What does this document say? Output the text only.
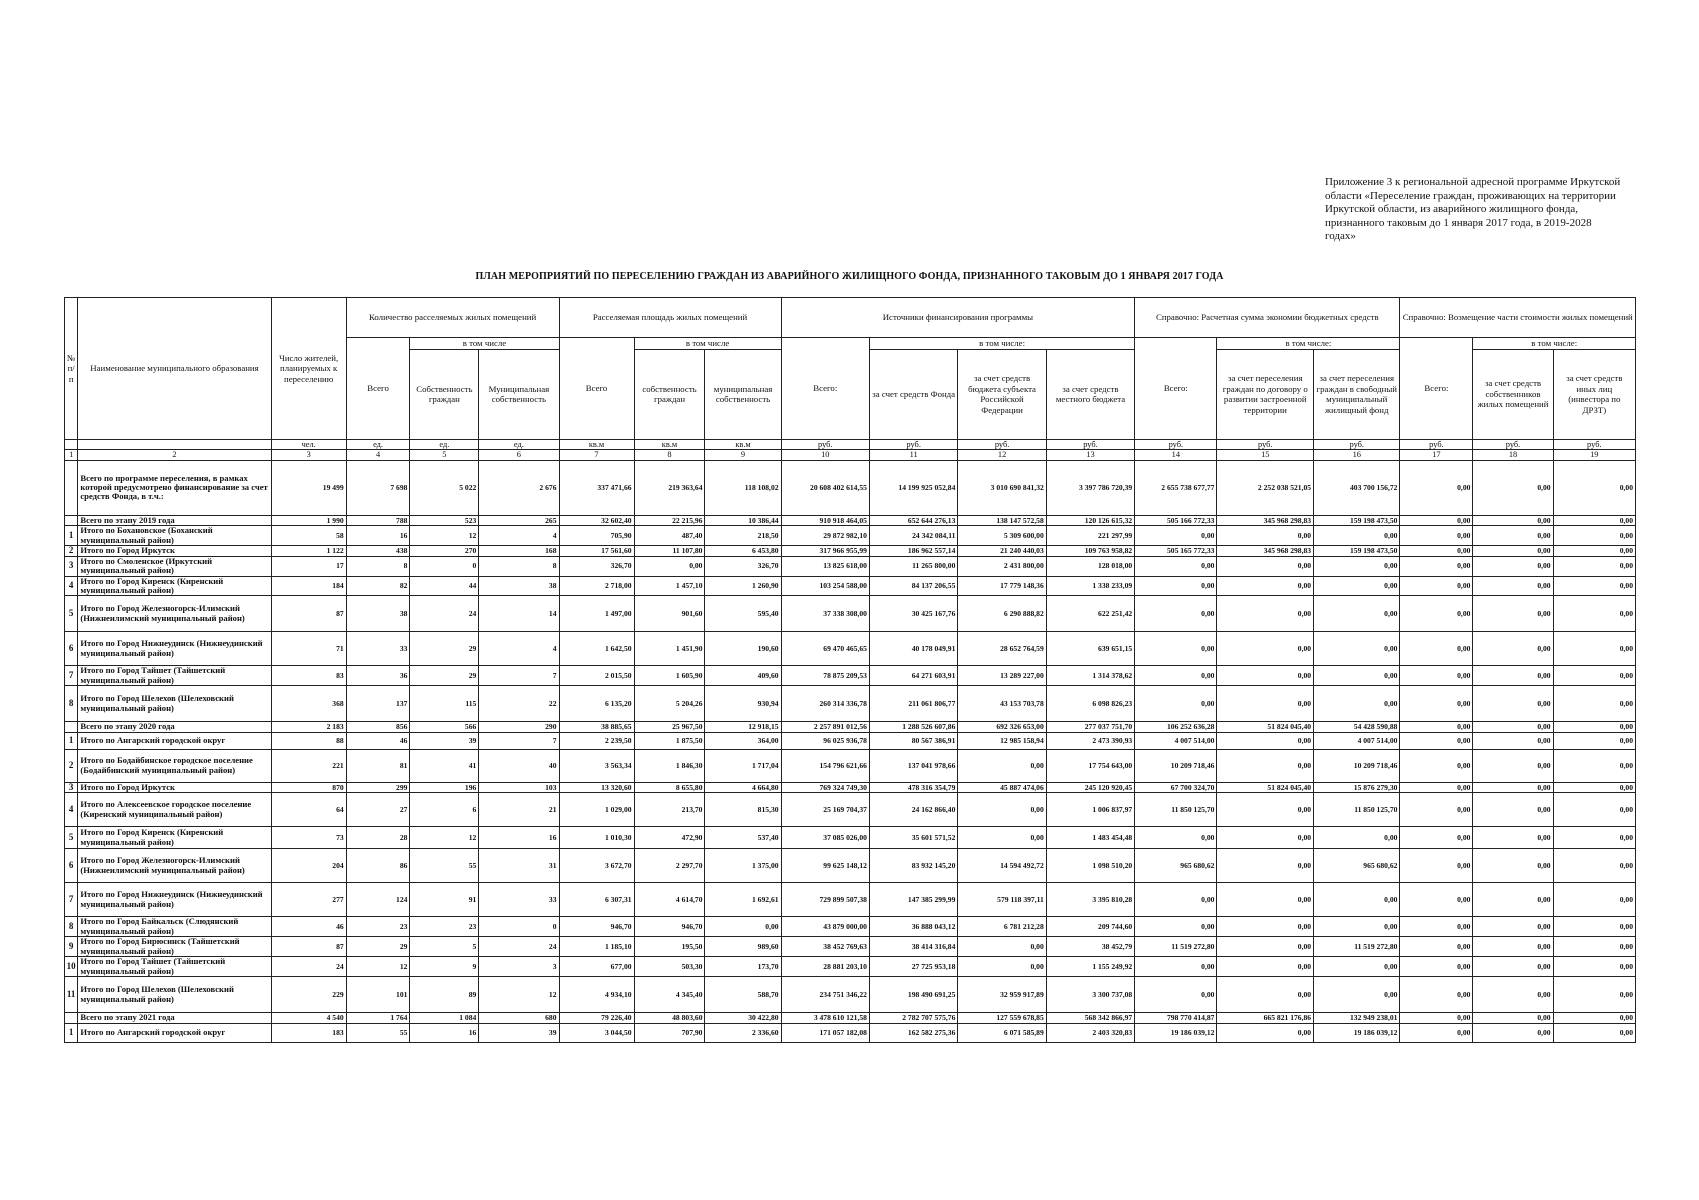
Приложение 3 к региональной адресной программе Иркутской области «Переселение граждан, проживающих на территории Иркутской области, из аварийного жилищного фонда, признанного таковым до 1 января 2017 года, в 2019-2028 годах»
ПЛАН МЕРОПРИЯТИЙ ПО ПЕРЕСЕЛЕНИЮ ГРАЖДАН ИЗ АВАРИЙНОГО ЖИЛИЩНОГО ФОНДА, ПРИЗНАННОГО ТАКОВЫМ ДО 1 ЯНВАРЯ 2017 ГОДА
№ п/п	Наименование муниципального образования	Число жителей, планируемых к переселению	Количество расселяемых жилых помещений			Расселяемая площадь жилых помещений			Источники финансирования программы				Справочно: Расчетная сумма экономии бюджетных средств			Справочно: Возмещение части стоимости жилых помещений		
			Всего	в том числе		Всего	в том числе		Всего:	в том числе:			Всего:	в том числе:		Всего:	в том числе:	
				Собственность граждан	Муниципальная собственность		собственность граждан	муниципальная собственность		за счет средств Фонда	за счет средств бюджета субъекта Российской Федерации	за счет средств местного бюджета		за счет переселения граждан по договору о развитии застроенной территории	за счет переселения граждан в свободный муниципальный жилищный фонд		за счет средств собственников жилых помещений	за счет средств иных лиц (инвестора по ДРЗТ)
		чел.	ед.	ед.	ед.	кв.м	кв.м	кв.м	руб.	руб.	руб.	руб.	руб.	руб.	руб.	руб.	руб.	руб.
1	2	3	4	5	6	7	8	9	10	11	12	13	14	15	16	17	18	19
	Всего по программе переселения, в рамках которой предусмотрено финансирование за счет средств Фонда, в т.ч.:	19 499	7 698	5 022	2 676	337 471,66	219 363,64	118 108,02	20 608 402 614,55	14 199 925 052,84	3 010 690 841,32	3 397 786 720,39	2 655 738 677,77	2 252 038 521,05	403 700 156,72	0,00	0,00	0,00
	Всего по этапу 2019 года	1 990	788	523	265	32 602,40	22 215,96	10 386,44	910 918 464,05	652 644 276,13	138 147 572,58	120 126 615,32	505 166 772,33	345 968 298,83	159 198 473,50	0,00	0,00	0,00
1	Итого по Бохановское (Боханский муниципальный район)	58	16	12	4	705,90	487,40	218,50	29 872 982,10	24 342 084,11	5 309 600,00	221 297,99	0,00	0,00	0,00	0,00	0,00	0,00
2	Итого по Город Иркутск	1 122	438	270	168	17 561,60	11 107,80	6 453,80	317 966 955,99	186 962 557,14	21 240 440,03	109 763 958,82	505 165 772,33	345 968 298,83	159 198 473,50	0,00	0,00	0,00
3	Итого по Смоленское (Иркутский муниципальный район)	17	8	0	8	326,70	0,00	326,70	13 825 618,00	11 265 800,00	2 431 800,00	128 018,00	0,00	0,00	0,00	0,00	0,00	0,00
4	Итого по Город Киренск (Киренский муниципальный район)	184	82	44	38	2 718,00	1 457,10	1 260,90	103 254 588,00	84 137 206,55	17 779 148,36	1 338 233,09	0,00	0,00	0,00	0,00	0,00	0,00
5	Итого по Город Железногорск-Илимский (Нижнеилимский муниципальный район)	87	38	24	14	1 497,00	901,60	595,40	37 338 308,00	30 425 167,76	6 290 888,82	622 251,42	0,00	0,00	0,00	0,00	0,00	0,00
6	Итого по Город Нижнеудинск (Нижнеудинский муниципальный район)	71	33	29	4	1 642,50	1 451,90	190,60	69 470 465,65	40 178 049,91	28 652 764,59	639 651,15	0,00	0,00	0,00	0,00	0,00	0,00
7	Итого по Город Тайшет (Тайшетский муниципальный район)	83	36	29	7	2 015,50	1 605,90	409,60	78 875 209,53	64 271 603,91	13 289 227,00	1 314 378,62	0,00	0,00	0,00	0,00	0,00	0,00
8	Итого по Город Шелехов (Шелеховский муниципальный район)	368	137	115	22	6 135,20	5 204,26	930,94	260 314 336,78	211 061 806,77	43 153 703,78	6 098 826,23	0,00	0,00	0,00	0,00	0,00	0,00
	Всего по этапу 2020 года	2 183	856	566	290	38 885,65	25 967,50	12 918,15	2 257 891 012,56	1 288 526 607,86	692 326 653,00	277 037 751,70	106 252 636,28	51 824 045,40	54 428 590,88	0,00	0,00	0,00
1	Итого по Ангарский городской округ	88	46	39	7	2 239,50	1 875,50	364,00	96 025 936,78	80 567 386,91	12 985 158,94	2 473 390,93	4 007 514,00	0,00	4 007 514,00	0,00	0,00	0,00
2	Итого по Бодайбинское городское поселение (Бодайбинский муниципальный район)	221	81	41	40	3 563,34	1 846,30	1 717,04	154 796 621,66	137 041 978,66	0,00	17 754 643,00	10 209 718,46	0,00	10 209 718,46	0,00	0,00	0,00
3	Итого по Город Иркутск	870	299	196	103	13 320,60	8 655,80	4 664,80	769 324 749,30	478 316 354,79	45 887 474,06	245 120 920,45	67 700 324,70	51 824 045,40	15 876 279,30	0,00	0,00	0,00
4	Итого по Алексеевское городское поселение (Киренский муниципальный район)	64	27	6	21	1 029,00	213,70	815,30	25 169 704,37	24 162 866,40	0,00	1 006 837,97	11 850 125,70	0,00	11 850 125,70	0,00	0,00	0,00
5	Итого по Город Киренск (Киренский муниципальный район)	73	28	12	16	1 010,30	472,90	537,40	37 085 026,00	35 601 571,52	0,00	1 483 454,48	0,00	0,00	0,00	0,00	0,00	0,00
6	Итого по Город Железногорск-Илимский (Нижнеилимский муниципальный район)	204	86	55	31	3 672,70	2 297,70	1 375,00	99 625 148,12	83 932 145,20	14 594 492,72	1 098 510,20	965 680,62	0,00	965 680,62	0,00	0,00	0,00
7	Итого по Город Нижнеудинск (Нижнеудинский муниципальный район)	277	124	91	33	6 307,31	4 614,70	1 692,61	729 899 507,38	147 385 299,99	579 118 397,11	3 395 810,28	0,00	0,00	0,00	0,00	0,00	0,00
8	Итого по Город Байкальск (Слюдянский муниципальный район)	46	23	23	0	946,70	946,70	0,00	43 879 000,00	36 888 043,12	6 781 212,28	209 744,60	0,00	0,00	0,00	0,00	0,00	0,00
9	Итого по Город Бирюсинск (Тайшетский муниципальный район)	87	29	5	24	1 185,10	195,50	989,60	38 452 769,63	38 414 316,84	0,00	38 452,79	11 519 272,80	0,00	11 519 272,80	0,00	0,00	0,00
10	Итого по Город Тайшет (Тайшетский муниципальный район)	24	12	9	3	677,00	503,30	173,70	28 881 203,10	27 725 953,18	0,00	1 155 249,92	0,00	0,00	0,00	0,00	0,00	0,00
11	Итого по Город Шелехов (Шелеховский муниципальный район)	229	101	89	12	4 934,10	4 345,40	588,70	234 751 346,22	198 490 691,25	32 959 917,89	3 300 737,08	0,00	0,00	0,00	0,00	0,00	0,00
	Всего по этапу 2021 года	4 540	1 764	1 084	680	79 226,40	48 803,60	30 422,80	3 478 610 121,58	2 782 707 575,76	127 559 678,85	568 342 866,97	798 770 414,87	665 821 176,86	132 949 238,01	0,00	0,00	0,00
1	Итого по Ангарский городской округ	183	55	16	39	3 044,50	707,90	2 336,60	171 057 182,08	162 582 275,36	6 071 585,89	2 403 320,83	19 186 039,12	0,00	19 186 039,12	0,00	0,00	0,00
